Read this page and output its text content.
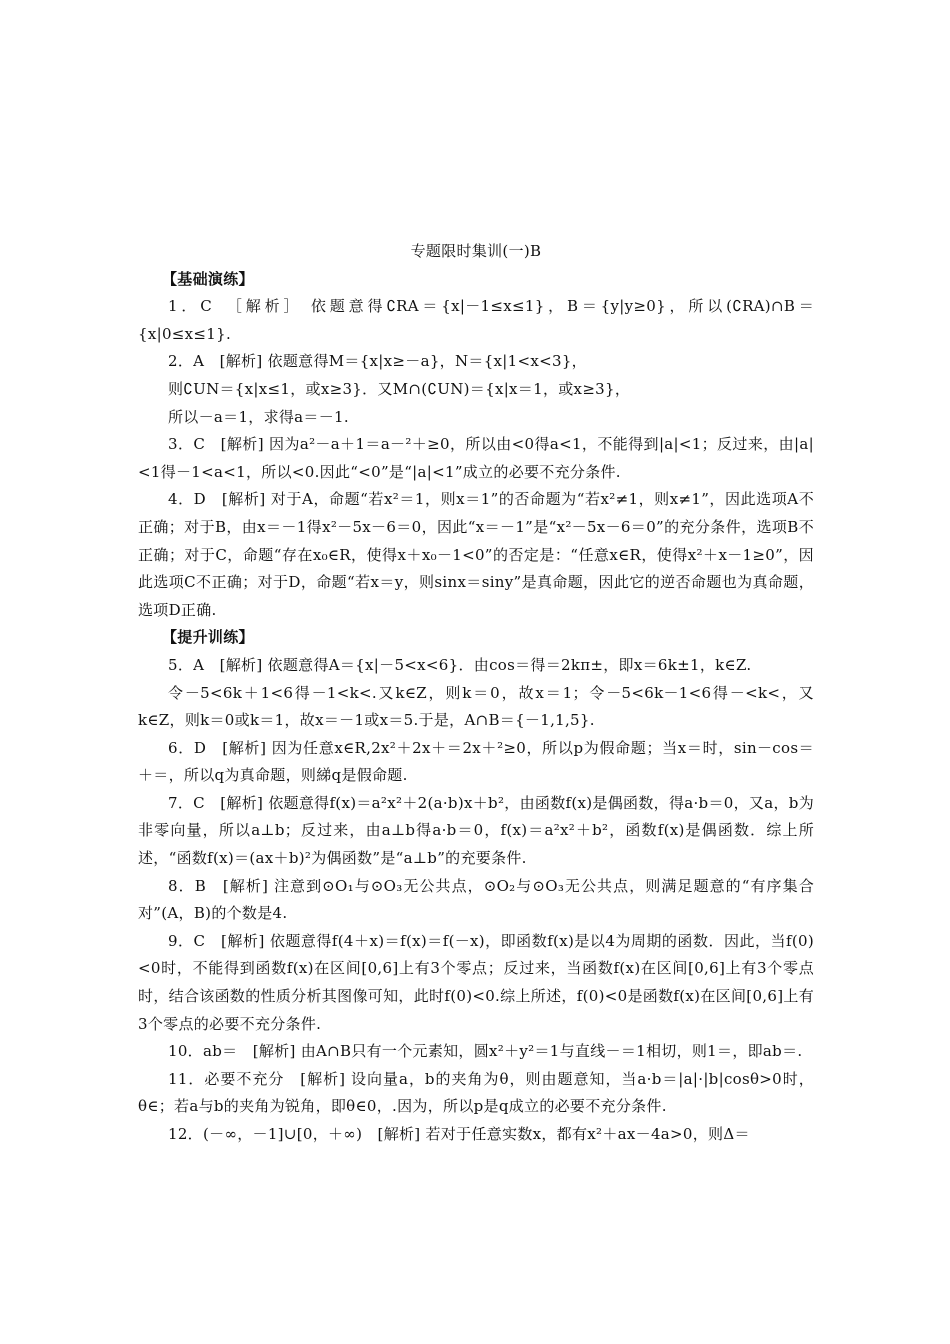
专题限时集训(一)B

【基础演练】

1．C　［解析］ 依题意得∁RA＝{x|－1≤x≤1}，B＝{y|y≥0}，所以(∁RA)∩B＝{x|0≤x≤1}.

2．A　[解析] 依题意得M＝{x|x≥－a}，N＝{x|1<x<3}，

则∁UN＝{x|x≤1，或x≥3}．又M∩(∁UN)＝{x|x＝1，或x≥3}，

所以－a＝1，求得a＝－1.

3．C　[解析] 因为a²－a＋1＝a－²＋≥0，所以由<0得a<1，不能得到|a|<1；反过来，由|a|<1得－1<a<1，所以<0.因此“<0”是“|a|<1”成立的必要不充分条件.

4．D　[解析] 对于A，命题“若x²＝1，则x＝1”的否命题为“若x²≠1，则x≠1”，因此选项A不正确；对于B，由x＝－1得x²－5x－6＝0，因此“x＝－1”是“x²－5x－6＝0”的充分条件，选项B不正确；对于C，命题“存在x₀∈R，使得x＋x₀－1<0”的否定是：“任意x∈R，使得x²＋x－1≥0”，因此选项C不正确；对于D，命题“若x＝y，则sinx＝siny”是真命题，因此它的逆否命题也为真命题，选项D正确.

【提升训练】

5．A　[解析] 依题意得A＝{x|－5<x<6}．由cos＝得＝2kπ±，即x＝6k±1，k∈Z.

令－5<6k＋1<6得－1<k<.又k∈Z，则k＝0，故x＝1；令－5<6k－1<6得－<k<，又k∈Z，则k＝0或k＝1，故x＝－1或x＝5.于是，A∩B＝{－1,1,5}.

6．D　[解析] 因为任意x∈R,2x²＋2x＋＝2x＋²≥0，所以p为假命题；当x＝时，sin－cos＝＋＝，所以q为真命题，则綈q是假命题.

7．C　[解析] 依题意得f(x)＝a²x²＋2(a·b)x＋b²，由函数f(x)是偶函数，得a·b＝0，又a，b为非零向量，所以a⊥b；反过来，由a⊥b得a·b＝0，f(x)＝a²x²＋b²，函数f(x)是偶函数．综上所述，“函数f(x)＝(ax＋b)²为偶函数”是“a⊥b”的充要条件.

8．B　[解析] 注意到⊙O₁与⊙O₃无公共点，⊙O₂与⊙O₃无公共点，则满足题意的“有序集合对”(A，B)的个数是4.

9．C　[解析] 依题意得f(4＋x)＝f(x)＝f(－x)，即函数f(x)是以4为周期的函数．因此，当f(0)<0时，不能得到函数f(x)在区间[0,6]上有3个零点；反过来，当函数f(x)在区间[0,6]上有3个零点时，结合该函数的性质分析其图像可知，此时f(0)<0.综上所述，f(0)<0是函数f(x)在区间[0,6]上有3个零点的必要不充分条件.

10．ab＝　[解析] 由A∩B只有一个元素知，圆x²＋y²＝1与直线－＝1相切，则1＝，即ab＝.

11．必要不充分　[解析] 设向量a，b的夹角为θ，则由题意知，当a·b＝|a|·|b|cosθ>0时，θ∈；若a与b的夹角为锐角，即θ∈0，.因为，所以p是q成立的必要不充分条件.

12．(－∞，－1]∪[0，＋∞)　[解析] 若对于任意实数x，都有x²＋ax－4a>0，则Δ＝
